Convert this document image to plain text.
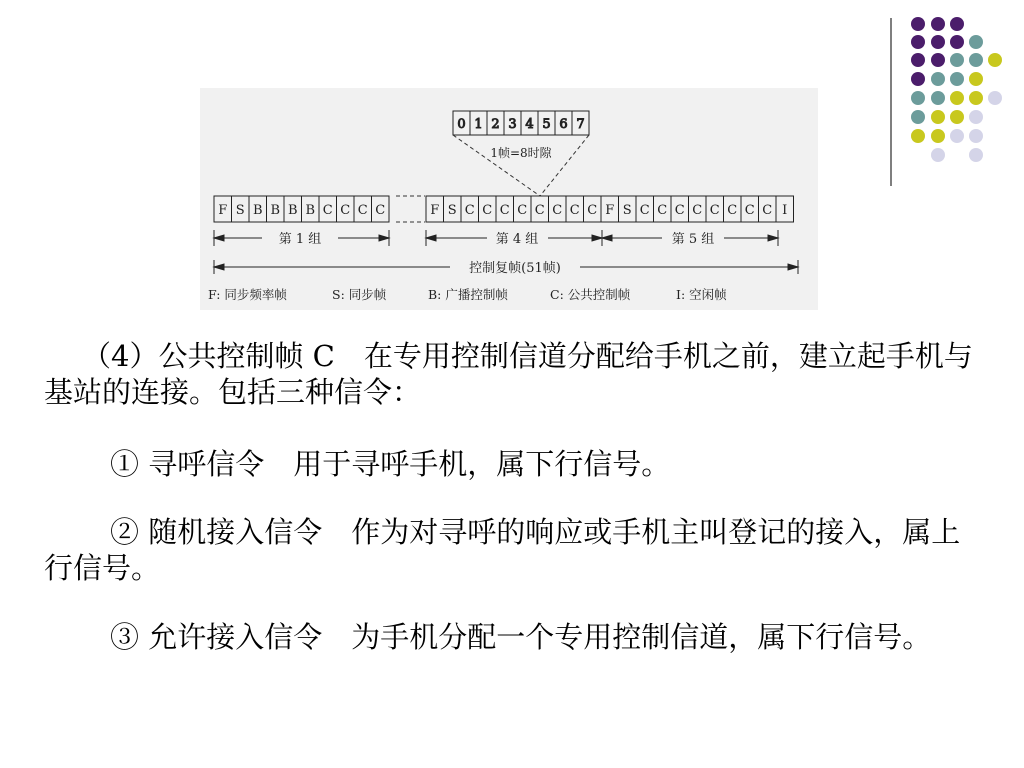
0 1 2 3 4 5 6 7
1帧=8时隙
F S B B B B C C C C	F S C C C C C C C C F S C C C C C C C C I
第 1 组	第 4 组	第 5 组
控制复帧(51帧)
F: 同步频率帧	S: 同步帧	B: 广播控制帧	C: 公共控制帧	I: 空闲帧

（4）公共控制帧 C　在专用控制信道分配给手机之前，建立起手机与基站的连接。包括三种信令：

① 寻呼信令　用于寻呼手机，属下行信号。

② 随机接入信令　作为对寻呼的响应或手机主叫登记的接入，属上行信号。

③ 允许接入信令　为手机分配一个专用控制信道，属下行信号。
